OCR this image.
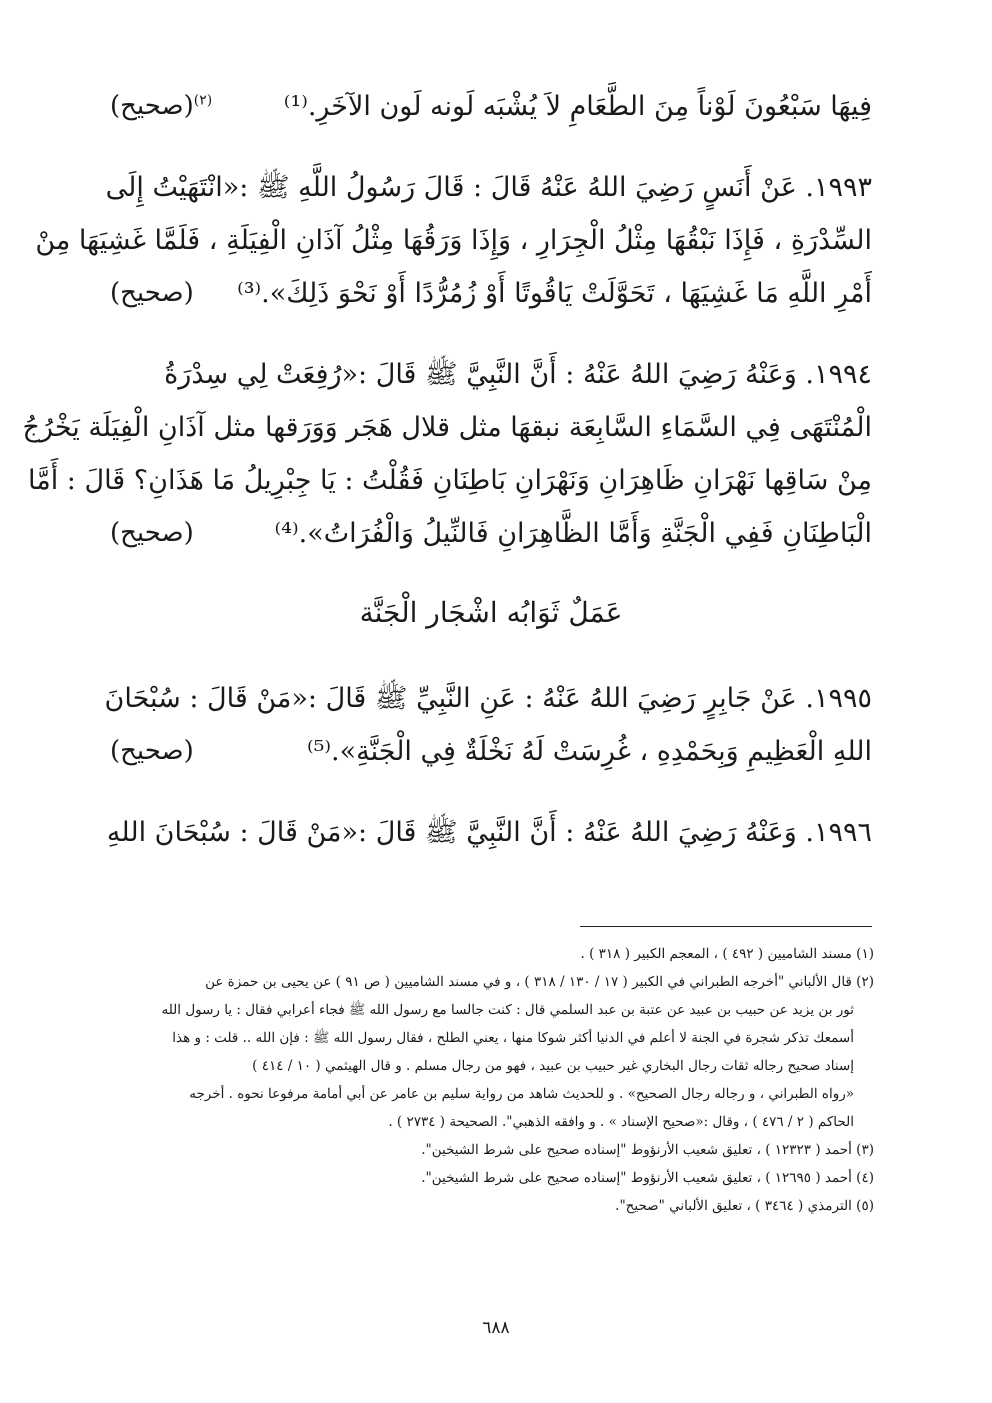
فِيهَا سَبْعُونَ لَوْناً مِنَ الطَّعَامِ لاَ يُشْبَه لَونه لَون الآخَرِ.⁽¹⁾
$^{(٢)}$(صحيح)
١٩٩٣. عَنْ أَنَسٍ رَضِيَ اللهُ عَنْهُ قَالَ : قَالَ رَسُولُ اللَّهِ ﷺ :«انْتَهَيْتُ إِلَى
السِّدْرَةِ ، فَإِذَا نَبْقُهَا مِثْلُ الْجِرَارِ ، وَإِذَا وَرَقُهَا مِثْلُ آذَانِ الْفِيَلَةِ ، فَلَمَّا غَشِيَهَا مِنْ
أَمْرِ اللَّهِ مَا غَشِيَهَا ، تَحَوَّلَتْ يَاقُوتًا أَوْ زُمُرُّدًا أَوْ نَحْوَ ذَلِكَ».⁽³⁾
(صحيح)
١٩٩٤. وَعَنْهُ رَضِيَ اللهُ عَنْهُ : أَنَّ النَّبِيَّ ﷺ قَالَ :«رُفِعَتْ لِي سِدْرَةُ
الْمُنْتَهَى فِي السَّمَاءِ السَّابِعَة نبقهَا مثل قلال هَجَر وَوَرَقها مثل آذَانِ الْفِيَلَة يَخْرُجُ
مِنْ سَاقِها نَهْرَانِ ظَاهِرَانِ وَنَهْرَانِ بَاطِنَانِ فَقُلْتُ : يَا جِبْرِيلُ مَا هَذَانِ؟ قَالَ : أَمَّا
الْبَاطِنَانِ فَفِي الْجَنَّةِ وَأَمَّا الظَّاهِرَانِ فَالنِّيلُ وَالْفُرَاتُ».⁽⁴⁾
(صحيح)
عَمَلٌ ثَوَابُه اشْجَار الْجَنَّة
١٩٩٥. عَنْ جَابِرٍ رَضِيَ اللهُ عَنْهُ : عَنِ النَّبِيِّ ﷺ قَالَ :«مَنْ قَالَ : سُبْحَانَ
اللهِ الْعَظِيمِ وَبِحَمْدِهِ ، غُرِسَتْ لَهُ نَخْلَةٌ فِي الْجَنَّةِ».⁽⁵⁾
(صحيح)
١٩٩٦. وَعَنْهُ رَضِيَ اللهُ عَنْهُ : أَنَّ النَّبِيَّ ﷺ قَالَ :«مَنْ قَالَ : سُبْحَانَ اللهِ
(١) مسند الشاميين ( ٤٩٢ ) ، المعجم الكبير ( ٣١٨ ) .
(٢) قال الألباني "أخرجه الطبراني في الكبير ( ١٧ / ١٣٠ / ٣١٨ ) ، و في مسند الشاميين ( ص ٩١ ) عن يحيى بن حمزة عن
ثور بن يزيد عن حبيب بن عبيد عن عتبة بن عبد السلمي قال : كنت جالسا مع رسول الله ﷺ فجاء أعرابي فقال : يا رسول الله
أسمعك تذكر شجرة في الجنة لا أعلم في الدنيا أكثر شوكا منها ، يعني الطلح ، فقال رسول الله ﷺ : فإن الله .. قلت : و هذا
إسناد صحيح رجاله ثقات رجال البخاري غير حبيب بن عبيد ، فهو من رجال مسلم . و قال الهيثمي ( ١٠ / ٤١٤ )
«رواه الطبراني ، و رجاله رجال الصحيح» . و للحديث شاهد من رواية سليم بن عامر عن أبي أمامة مرفوعا نحوه . أخرجه
الحاكم ( ٢ / ٤٧٦ ) ، وقال :«صحيح الإسناد » . و وافقه الذهبي". الصحيحة ( ٢٧٣٤ ) .
(٣) أحمد ( ١٢٣٢٣ ) ، تعليق شعيب الأرنؤوط "إسناده صحيح على شرط الشيخين".
(٤) أحمد ( ١٢٦٩٥ ) ، تعليق شعيب الأرنؤوط "إسناده صحيح على شرط الشيخين".
(٥) الترمذي ( ٣٤٦٤ ) ، تعليق الألباني "صحيح".
٦٨٨
